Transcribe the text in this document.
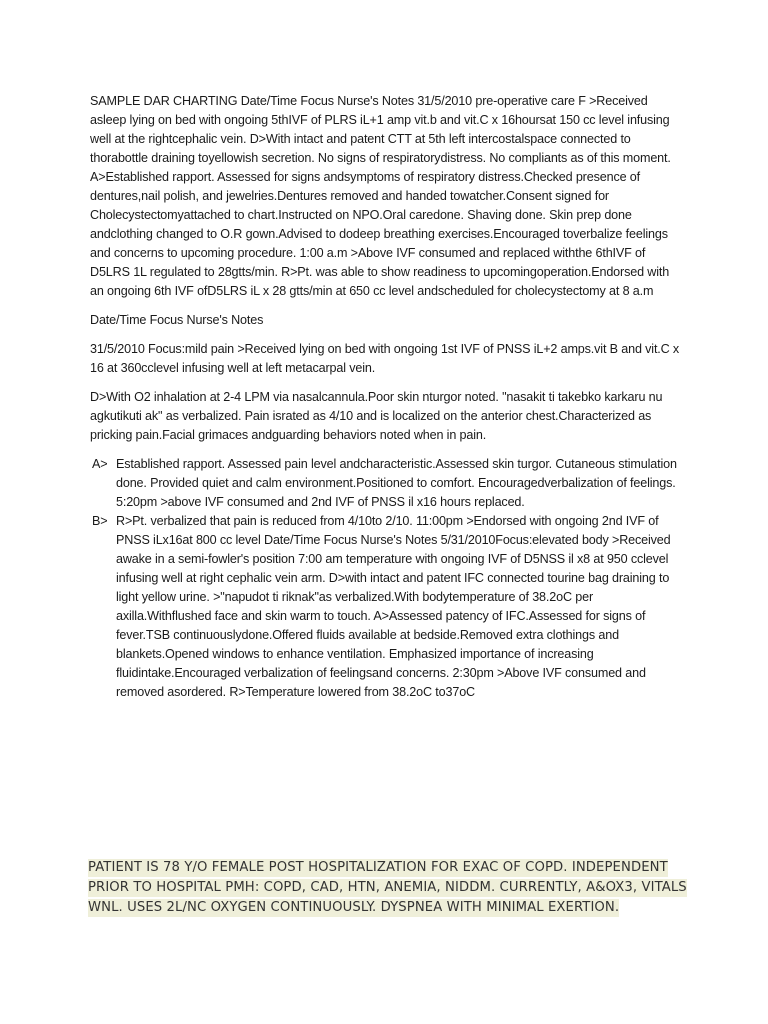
SAMPLE DAR CHARTING Date/Time Focus Nurse's Notes 31/5/2010 pre-operative care F >Received asleep lying on bed with ongoing 5thIVF of PLRS iL+1 amp vit.b and vit.C x 16hoursat 150 cc level infusing well at the rightcephalic vein. D>With intact and patent CTT at 5th left intercostalspace connected to thorabottle draining toyellowish secretion. No signs of respiratorydistress. No compliants as of this moment. A>Established rapport. Assessed for signs andsymptoms of respiratory distress.Checked presence of dentures,nail polish, and jewelries.Dentures removed and handed towatcher.Consent signed for Cholecystectomyattached to chart.Instructed on NPO.Oral caredone. Shaving done. Skin prep done andclothing changed to O.R gown.Advised to dodeep breathing exercises.Encouraged toverbalize feelings and concerns to upcoming procedure. 1:00 a.m >Above IVF consumed and replaced withthe 6thIVF of D5LRS 1L regulated to 28gtts/min. R>Pt. was able to show readiness to upcomingoperation.Endorsed with an ongoing 6th IVF ofD5LRS iL x 28 gtts/min at 650 cc level andscheduled for cholecystectomy at 8 a.m

Date/Time Focus Nurse's Notes

31/5/2010 Focus:mild pain >Received lying on bed with ongoing 1st IVF of PNSS iL+2 amps.vit B and vit.C x 16 at 360cclevel infusing well at left metacarpal vein.

D>With O2 inhalation at 2-4 LPM via nasalcannula.Poor skin nturgor noted. "nasakit ti takebko karkaru nu agkutikuti ak" as verbalized. Pain israted as 4/10 and is localized on the anterior chest.Characterized as pricking pain.Facial grimaces andguarding behaviors noted when in pain.

A> Established rapport. Assessed pain level andcharacteristic.Assessed skin turgor. Cutaneous stimulation done. Provided quiet and calm environment.Positioned to comfort. Encouragedverbalization of feelings. 5:20pm >above IVF consumed and 2nd IVF of PNSS il x16 hours replaced.
B> R>Pt. verbalized that pain is reduced from 4/10to 2/10. 11:00pm >Endorsed with ongoing 2nd IVF of PNSS iLx16at 800 cc level Date/Time Focus Nurse's Notes 5/31/2010Focus:elevated body >Received awake in a semi-fowler's position 7:00 am temperature with ongoing IVF of D5NSS il x8 at 950 cclevel infusing well at right cephalic vein arm. D>with intact and patent IFC connected tourine bag draining to light yellow urine. >"napudot ti riknak"as verbalized.With bodytemperature of 38.2oC per axilla.Withflushed face and skin warm to touch. A>Assessed patency of IFC.Assessed for signs of fever.TSB continuouslydone.Offered fluids available at bedside.Removed extra clothings and blankets.Opened windows to enhance ventilation. Emphasized importance of increasing fluidintake.Encouraged verbalization of feelingsand concerns. 2:30pm >Above IVF consumed and removed asordered. R>Temperature lowered from 38.2oC to37oC
PATIENT IS 78 Y/O FEMALE POST HOSPITALIZATION FOR EXAC OF COPD. INDEPENDENT PRIOR TO HOSPITAL PMH: COPD, CAD, HTN, ANEMIA, NIDDM. CURRENTLY, A&OX3, VITALS WNL. USES 2L/NC OXYGEN CONTINUOUSLY. DYSPNEA WITH MINIMAL EXERTION.
